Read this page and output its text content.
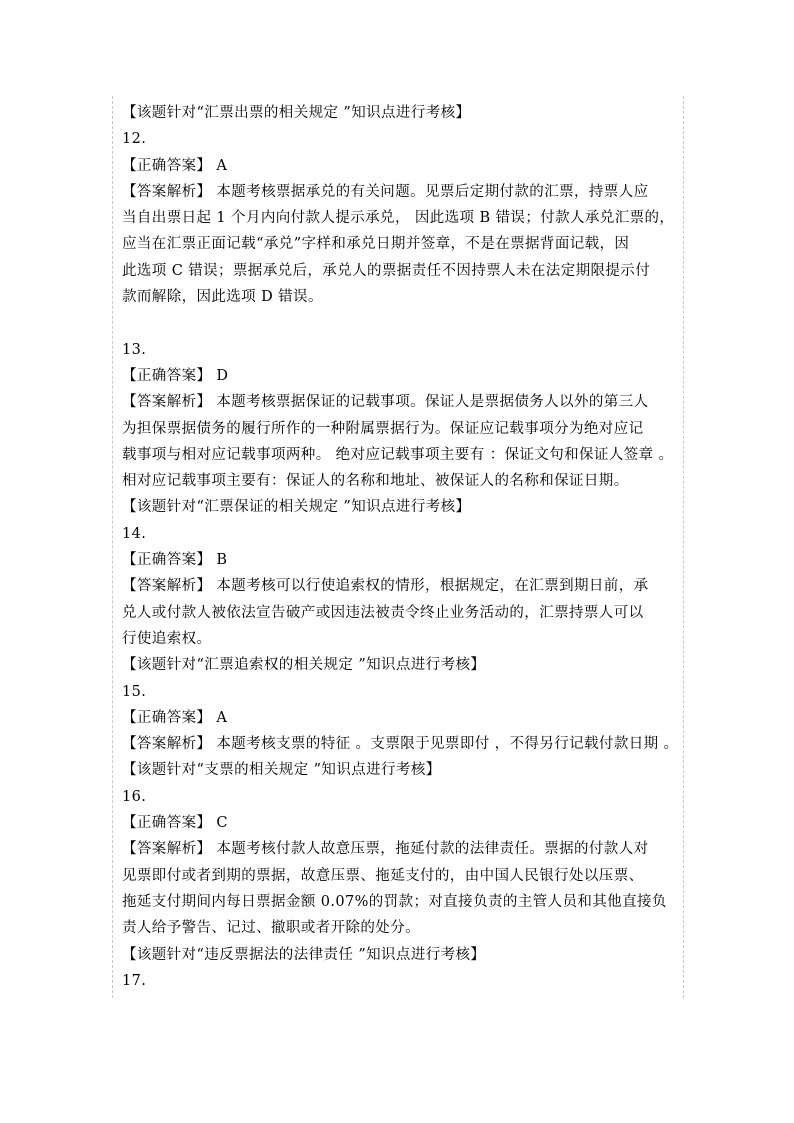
【该题针对“汇票出票的相关规定 ”知识点进行考核】
12.
【正确答案】 A
【答案解析】 本题考核票据承兑的有关问题。见票后定期付款的汇票，持票人应
当自出票日起 1 个月内向付款人提示承兑， 因此选项 B 错误；付款人承兑汇票的，
应当在汇票正面记载“承兑”字样和承兑日期并签章，不是在票据背面记载，因
此选项 C 错误；票据承兑后，承兑人的票据责任不因持票人未在法定期限提示付
款而解除，因此选项 D 错误。
13.
【正确答案】 D
【答案解析】 本题考核票据保证的记载事项。保证人是票据债务人以外的第三人
为担保票据债务的履行所作的一种附属票据行为。保证应记载事项分为绝对应记
载事项与相对应记载事项两种。 绝对应记载事项主要有 ：保证文句和保证人签章 。
相对应记载事项主要有：保证人的名称和地址、被保证人的名称和保证日期。
【该题针对“汇票保证的相关规定 ”知识点进行考核】
14.
【正确答案】 B
【答案解析】 本题考核可以行使追索权的情形，根据规定，在汇票到期日前，承
兑人或付款人被依法宣告破产或因违法被责令终止业务活动的，汇票持票人可以
行使追索权。
【该题针对“汇票追索权的相关规定 ”知识点进行考核】
15.
【正确答案】 A
【答案解析】 本题考核支票的特征 。支票限于见票即付 ，不得另行记载付款日期 。
【该题针对“支票的相关规定 ”知识点进行考核】
16.
【正确答案】 C
【答案解析】 本题考核付款人故意压票，拖延付款的法律责任。票据的付款人对
见票即付或者到期的票据，故意压票、拖延支付的，由中国人民银行处以压票、
拖延支付期间内每日票据金额 0.07%的罚款；对直接负责的主管人员和其他直接负
责人给予警告、记过、撤职或者开除的处分。
【该题针对“违反票据法的法律责任 ”知识点进行考核】
17.
